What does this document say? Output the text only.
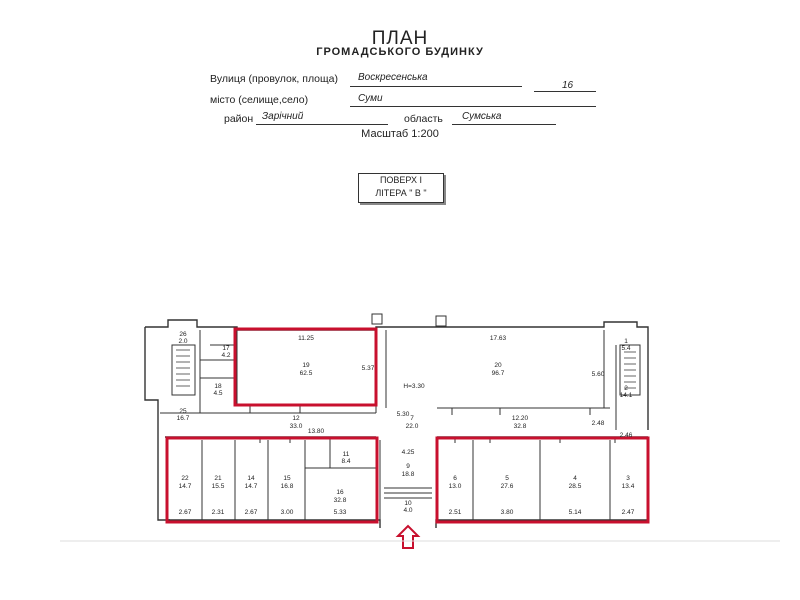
ПЛАН
ГРОМАДСЬКОГО БУДИНКУ
Вулиця (провулок, площа) Воскресенська
16
місто (селище,село)	Суми
район Зарічний	область Сумська
Масштаб 1:200
ПОВЕРХ І
ЛІТЕРА " В "
11.25	17.63
19
62.5
20
96.7
H=3.30
12
33.0
13.80
7
22.0
12.20
32.8
5.30
5.37
5.60
2.48
2.46
2
14.1
1
5.4
26
2.0
25
16.7
17
4.2
18
4.5
4.25
9
18.8
10
4.0
11
8.4
22
14.7
21
15.5
14
14.7
15
16.8
16
32.8
6
13.0
5
27.6
4
28.5
3
13.4
2.67	2.31	2.67	3.00	5.33	2.51	3.80	5.14	2.47
